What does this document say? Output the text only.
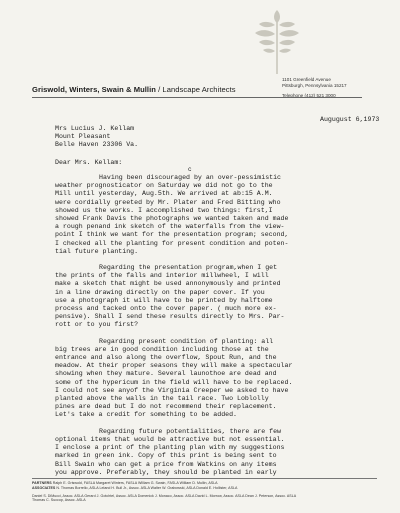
1101 Greenfield Avenue
Pittsburgh, Pennsylvania 15217
Telephone (412) 521 3000
Griswold, Winters, Swain & Mullin / Landscape Architects
Augugust 6,1973
Mrs Lucius J. Kellam
Mount Pleasant
Belle Haven 23306 Va.
Dear Mrs. Kellam:
c

Having been discouraged by an over-pessimistic
weather prognosticator on Saturday we did not go to the
Mill until yesterday, Aug.5th. We arrived at ab:15 A.M.
were cordially greeted by Mr. Plater and Fred Bitting who
showed us the works. I accomplished two things: first,I
showed Frank Davis the photographs we wanted taken and made
a rough penand ink sketch of the waterfalls from the view-
point I think we want for the presentation program; second,
I checked all the planting for present condition and poten-
tial future planting.

Regarding the presentation program,when I get
the prints of the falls and interior millwheel, I will
make a sketch that might be used annonymously and printed
in a line drawing directly on the paper cover. If you
use a photograph it will have to be printed by halftome
process and tacked onto the cover paper. ( much more ex-
pensive). Shall I send these results directly to Mrs. Par-
rott or to you first?

Regarding present condition of planting: all
big trees are in good condition including those at the
entrance and also along the overflow, Spout Run, and the
meadow. At their proper seasons they will make a spectacular
showing when they mature. Several launothoe are dead and
some of the hypericum in the field will have to be replaced.
I could not see anyof the Virginia Creeper we asked to have
planted above the walls in the tail race. Two Loblolly
pines are dead but I do not recommend their replacement.
Let's take a credit for something to be added.

Regarding future potentialities, there are few
optional items that would be attractive but not essential.
I enclose a print of the planting plan with my suggestions
marked in green ink. Copy of this print is being sent to
Bill Swain who can get a price from Watkins on any items
you approve. Preferably, they should be planted in early

PARTNERS Ralph E. Griswold, FASLA Margaret Winters, FASLA William G. Swain, FASLA William D. Mullin, ASLA
ASSOCIATES N. Thomas Borrello, ASLA Leland H. Bull Jr., Assoc. ASLA Walter W. Grabowski, ASLA Donald E. Hollister, ASLA
Daniel S. DiMucci, Assoc. ASLA Gerard J. Gotchtel, Assoc. ASLA Domenick J. Monaco, Assoc. ASLA David L. Morrow, Assoc. ASLA Dean J. Peterson, Assoc. ASLA
Thomas C. Succop, Assoc. ASLA
